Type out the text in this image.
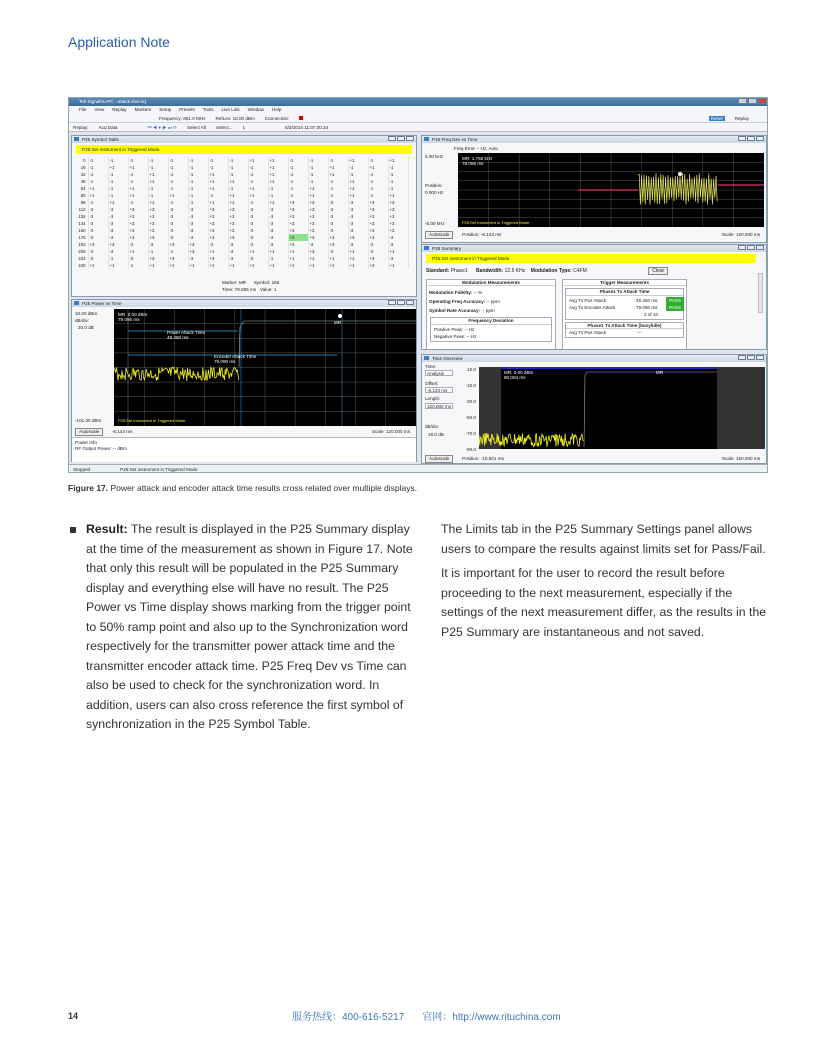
Application Note
Tek SignalVu-PC - attack time.tiq
File View Replay Markers Setup Presets Tools Live Link Window Help
Frequency: 851.0 MHz RefLev: 10.00 dBm Connection:	Reset	Replay
Replay: Acq Data	⏮ ◀ ● ▶ ⏭ ⟳ Select All Select... 1	6/3/2014 11:07:30.34
P25 Symbol Table
P25:Set instrument in Triggered Mode
0	-1	-1	-1	-1	-1	-1	-1	-1	+1	+1	-1	-1	-1	+1	-1	+1
16	-1	+1	+1	-1	-1	-1	-1	-1	-1	+1	-1	-1	+1	-1	+1	-1
32	-1	-1	-1	+1	-1	-1	+1	-1	-1	+1	-1	-1	+1	-1	-1	-1
48	-1	-1	-1	+1	-1	-1	+1	+1	-1	+1	-1	-1	-1	+1	-1	-1
64	+1	-1	+1	-1	-1	-1	+1	-1	+1	-1	-1	+1	-1	+1	-1	-1
80	+1	-1	+1	-1	+1	-1	-1	+1	+1	-1	-1	+1	-1	+1	-1	+1
96	-1	+1	-1	+1	-1	-1	+1	+1	-1	+1	+3	+3	-3	-3	+3	+3
112	-3	-3	+3	+3	-3	-3	+3	+3	-3	-3	+3	+3	-3	-3	+3	+3
128	-3	-3	+3	+3	-3	-3	+3	+3	-3	-3	+3	+3	-3	-3	+3	+3
144	-3	-3	+3	+3	-3	-3	+3	+3	-3	-3	+3	+3	-3	-3	+3	+3
160	-3	-3	+3	+3	-3	-3	+3	+3	-3	-3	+3	+3	-3	-3	+3	+3
176	-3	-3	+3	+3	-3	-3	+3	+3	-3	-3	+3	+3	+3	+3	+3	-3
192	+3	+3	-3	-3	+3	+3	-3	-3	-3	-3	+3	-3	+3	-3	-3	-3
208	-3	-3	+1	-1	-1	+3	+1	-3	+1	+1	+1	+3	-3	+1	-3	+1
224	-3	-1	-3	+3	+3	-3	+3	-3	-3	-1	+1	+1	+1	+1	+3	-3
240	+1	+1	-1	+1	+1	+1	+1	+1	+1	+1	+1	+1	+1	+1	+3	+1
Marker: MR Symbol: 186
Time: 79.095 ms Value: 1
P25 Freq Dev vs Time
Freq Error -- Hz, Auto
5.00 kHz
Position:
0.000 Hz
-5.00 kHz
MR: 1.758 kHz
79.095 ms
P25:Set instrument in Triggered Mode
Autoscale	Position: -6.143 ms	Scale: 120.000 ms
P25 Summary
P25:Set instrument in Triggered Mode
Standard: Phase1 Bandwidth: 12.5 KHz Modulation Type: C4FM	Clear
Modulation Measurements
Modulation Fidelity: -- %
Operating Freq Accuracy: -- ppm
Symbol Rate Accuracy: -- ppm
Frequency Deviation
Positive Peak: -- Hz
Negative Peak: -- Hz
Trigger Measurements
Phase1 Tx Attack Time
Avg Tx Pwr Attack	48.450 ms	PASS

Avg Tx Encoder Attack	79.090 ms	PASS

2 of 10
Phase1 Tx Attack Time (busy/idle)
Avg Tx Pwr Attack	---
P25 Power vs Time
10.00 dBm
dB/div:
20.0 dB
-101.00 dBm
MR: 0.00 dBm
79.095 ms
Power Attack Time
48.450 ms
Encoder Attack Time
79.090 ms
MR
P25:Set instrument in Triggered Mode
Autoscale	-6.144 ms	Scale: 120.000 ms
Power Info
RF Output Power: -- dBm
Time Overview
Time:
Analysis
Offset:
-6.143 ms
Length:
120.000 ms
dB/div:
18.0 dB
10.0
-10.0
-30.0
-50.0
-70.0
-90.0
MR: 0.00 dBm
80.004 ms
MR
Autoscale	Position: -15.801 ms	Scale: 150.000 ms
Stopped	P25:Set instrument in Triggered Mode
Figure 17. Power attack and encoder attack time results cross related over multiple displays.
Result: The result is displayed in the P25 Summary display at the time of the measurement as shown in Figure 17. Note that only this result will be populated in the P25 Summary display and everything else will have no result. The P25 Power vs Time display shows marking from the trigger point to 50% ramp point and also up to the Synchronization word respectively for the transmitter power attack time and the transmitter encoder attack time. P25 Freq Dev vs Time can also be used to check for the synchronization word. In addition, users can also cross reference the first symbol of synchronization in the P25 Symbol Table.

The Limits tab in the P25 Summary Settings panel allows users to compare the results against limits set for Pass/Fail.

It is important for the user to record the result before proceeding to the next measurement, especially if the settings of the next measurement differ, as the results in the P25 Summary are instantaneous and not saved.

14	服务热线：400-616-5217 官网：http://www.rituchina.com
